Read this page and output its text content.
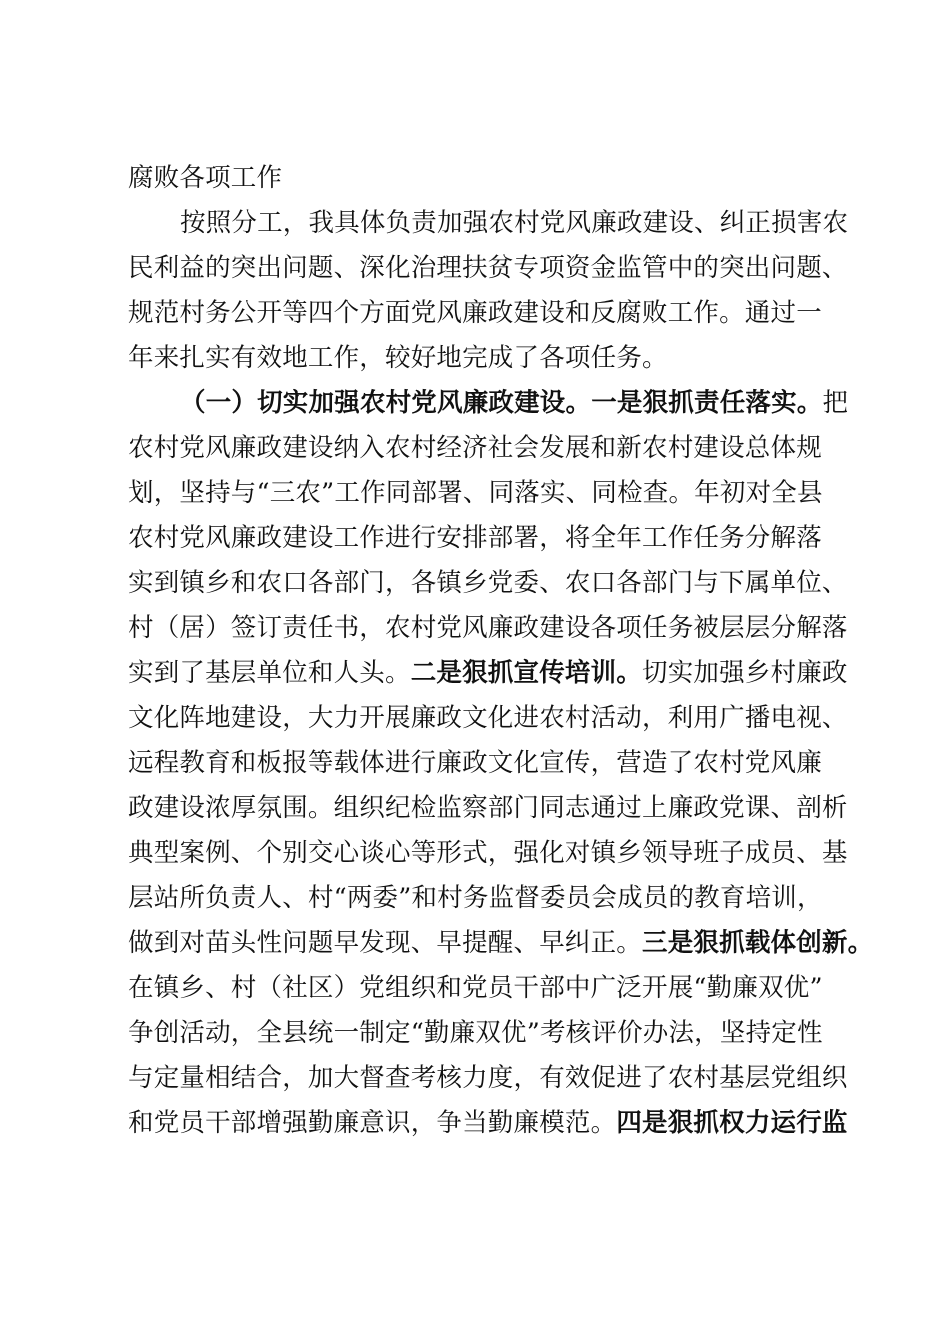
腐败各项工作
按照分工，我具体负责加强农村党风廉政建设、纠正损害农
民利益的突出问题、深化治理扶贫专项资金监管中的突出问题、
规范村务公开等四个方面党风廉政建设和反腐败工作。通过一
年来扎实有效地工作，较好地完成了各项任务。
（一）切实加强农村党风廉政建设。一是狠抓责任落实。把
农村党风廉政建设纳入农村经济社会发展和新农村建设总体规
划，坚持与“三农”工作同部署、同落实、同检查。年初对全县
农村党风廉政建设工作进行安排部署，将全年工作任务分解落
实到镇乡和农口各部门，各镇乡党委、农口各部门与下属单位、
村（居）签订责任书，农村党风廉政建设各项任务被层层分解落
实到了基层单位和人头。二是狠抓宣传培训。切实加强乡村廉政
文化阵地建设，大力开展廉政文化进农村活动，利用广播电视、
远程教育和板报等载体进行廉政文化宣传，营造了农村党风廉
政建设浓厚氛围。组织纪检监察部门同志通过上廉政党课、剖析
典型案例、个别交心谈心等形式，强化对镇乡领导班子成员、基
层站所负责人、村“两委”和村务监督委员会成员的教育培训，
做到对苗头性问题早发现、早提醒、早纠正。三是狠抓载体创新。
在镇乡、村（社区）党组织和党员干部中广泛开展“勤廉双优”
争创活动，全县统一制定“勤廉双优”考核评价办法，坚持定性
与定量相结合，加大督查考核力度，有效促进了农村基层党组织
和党员干部增强勤廉意识，争当勤廉模范。四是狠抓权力运行监
